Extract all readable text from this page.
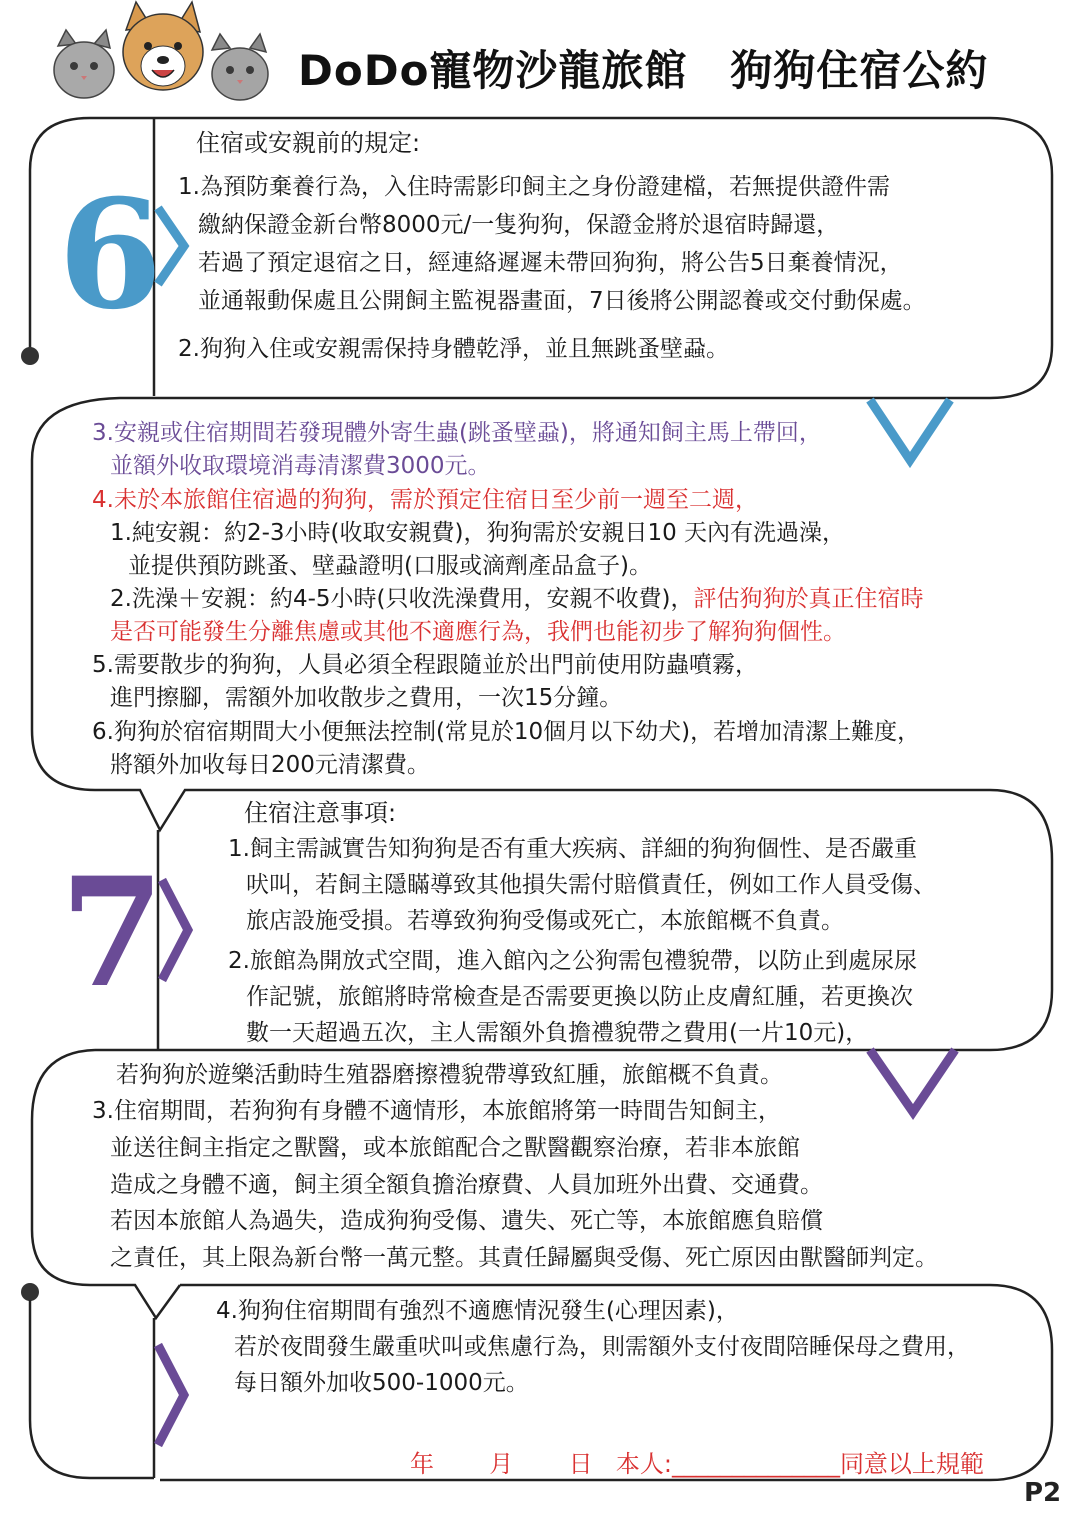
DoDo寵物沙龍旅館　狗狗住宿公約
6
7
住宿或安親前的規定:
1.為預防棄養行為，入住時需影印飼主之身份證建檔，若無提供證件需
繳納保證金新台幣8000元/一隻狗狗，保證金將於退宿時歸還，
若過了預定退宿之日，經連絡遲遲未帶回狗狗，將公告5日棄養情況，
並通報動保處且公開飼主監視器畫面，7日後將公開認養或交付動保處。
2.狗狗入住或安親需保持身體乾淨，並且無跳蚤壁蝨。
3.安親或住宿期間若發現體外寄生蟲(跳蚤壁蝨)，將通知飼主馬上帶回，
並額外收取環境消毒清潔費3000元。
4.未於本旅館住宿過的狗狗，需於預定住宿日至少前一週至二週，
1.純安親：約2-3小時(收取安親費)，狗狗需於安親日10 天內有洗過澡，
並提供預防跳蚤、壁蝨證明(口服或滴劑產品盒子)。
2.洗澡＋安親：約4-5小時(只收洗澡費用，安親不收費)，評估狗狗於真正住宿時
是否可能發生分離焦慮或其他不適應行為，我們也能初步了解狗狗個性。
5.需要散步的狗狗，人員必須全程跟隨並於出門前使用防蟲噴霧，
進門擦腳，需額外加收散步之費用，一次15分鐘。
6.狗狗於宿宿期間大小便無法控制(常見於10個月以下幼犬)，若增加清潔上難度，
將額外加收每日200元清潔費。
住宿注意事項:
1.飼主需誠實告知狗狗是否有重大疾病、詳細的狗狗個性、是否嚴重
吠叫，若飼主隱瞞導致其他損失需付賠償責任，例如工作人員受傷、
旅店設施受損。若導致狗狗受傷或死亡，本旅館概不負責。
2.旅館為開放式空間，進入館內之公狗需包禮貌帶，以防止到處尿尿
作記號，旅館將時常檢查是否需要更換以防止皮膚紅腫，若更換次
數一天超過五次，主人需額外負擔禮貌帶之費用(一片10元)，
若狗狗於遊樂活動時生殖器磨擦禮貌帶導致紅腫，旅館概不負責。
3.住宿期間，若狗狗有身體不適情形，本旅館將第一時間告知飼主，
並送往飼主指定之獸醫，或本旅館配合之獸醫觀察治療，若非本旅館
造成之身體不適，飼主須全額負擔治療費、人員加班外出費、交通費。
若因本旅館人為過失，造成狗狗受傷、遺失、死亡等，本旅館應負賠償
之責任，其上限為新台幣一萬元整。其責任歸屬與受傷、死亡原因由獸醫師判定。
4.狗狗住宿期間有強烈不適應情況發生(心理因素)，
若於夜間發生嚴重吠叫或焦慮行為，則需額外支付夜間陪睡保母之費用，
每日額外加收500-1000元。
年 月 日 本人:______________同意以上規範
P2
